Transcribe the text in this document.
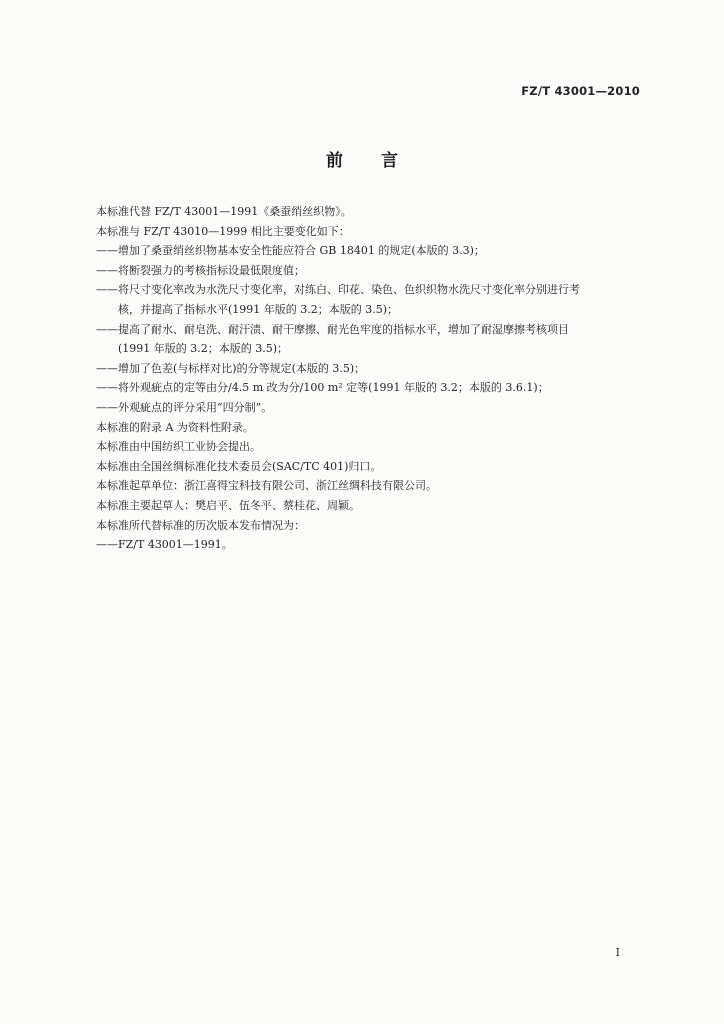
FZ/T 43001—2010
前言

本标准代替 FZ/T 43001—1991《桑蚕绡丝织物》。

本标准与 FZ/T 43010—1999 相比主要变化如下：

——增加了桑蚕绡丝织物基本安全性能应符合 GB 18401 的规定(本版的 3.3)；

——将断裂强力的考核指标设最低限度值；

——将尺寸变化率改为水洗尺寸变化率，对练白、印花、染色、色织织物水洗尺寸变化率分别进行考

核，并提高了指标水平(1991 年版的 3.2；本版的 3.5)；

——提高了耐水、耐皂洗、耐汗渍、耐干摩擦、耐光色牢度的指标水平，增加了耐湿摩擦考核项目

(1991 年版的 3.2；本版的 3.5)；

——增加了色差(与标样对比)的分等规定(本版的 3.5)；

——将外观疵点的定等由分/4.5 m 改为分/100 m² 定等(1991 年版的 3.2；本版的 3.6.1)；

——外观疵点的评分采用“四分制”。

本标准的附录 A 为资料性附录。

本标准由中国纺织工业协会提出。

本标准由全国丝绸标准化技术委员会(SAC/TC 401)归口。

本标准起草单位：浙江喜得宝科技有限公司、浙江丝绸科技有限公司。

本标准主要起草人：樊启平、伍冬平、蔡桂花、周颖。

本标准所代替标准的历次版本发布情况为：

——FZ/T 43001—1991。

I
